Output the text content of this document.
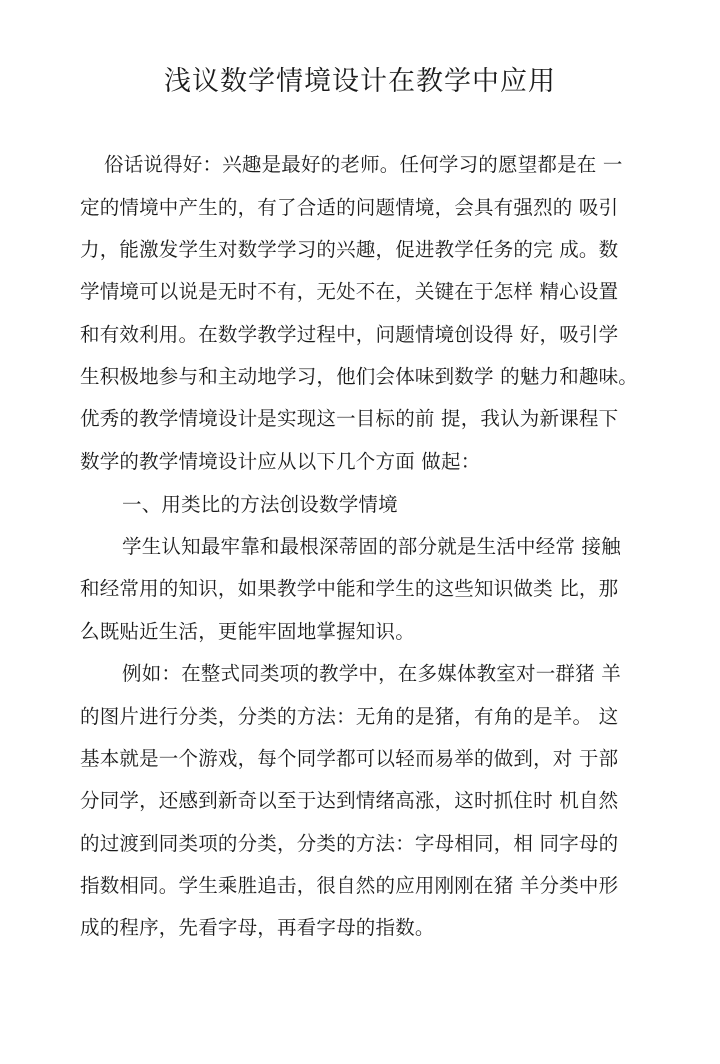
浅议数学情境设计在教学中应用
俗话说得好：兴趣是最好的老师。任何学习的愿望都是在 一
定的情境中产生的，有了合适的问题情境，会具有强烈的 吸引
力，能激发学生对数学学习的兴趣，促进教学任务的完 成。数
学情境可以说是无时不有，无处不在，关键在于怎样 精心设置
和有效利用。在数学教学过程中，问题情境创设得 好，吸引学
生积极地参与和主动地学习，他们会体味到数学 的魅力和趣味。
优秀的教学情境设计是实现这一目标的前 提，我认为新课程下
数学的教学情境设计应从以下几个方面 做起：
一、用类比的方法创设数学情境
学生认知最牢靠和最根深蒂固的部分就是生活中经常 接触
和经常用的知识，如果教学中能和学生的这些知识做类 比，那
么既贴近生活，更能牢固地掌握知识。
例如：在整式同类项的教学中，在多媒体教室对一群猪 羊
的图片进行分类，分类的方法：无角的是猪，有角的是羊。 这
基本就是一个游戏，每个同学都可以轻而易举的做到，对 于部
分同学，还感到新奇以至于达到情绪高涨，这时抓住时 机自然
的过渡到同类项的分类，分类的方法：字母相同，相 同字母的
指数相同。学生乘胜追击，很自然的应用刚刚在猪 羊分类中形
成的程序，先看字母，再看字母的指数。
